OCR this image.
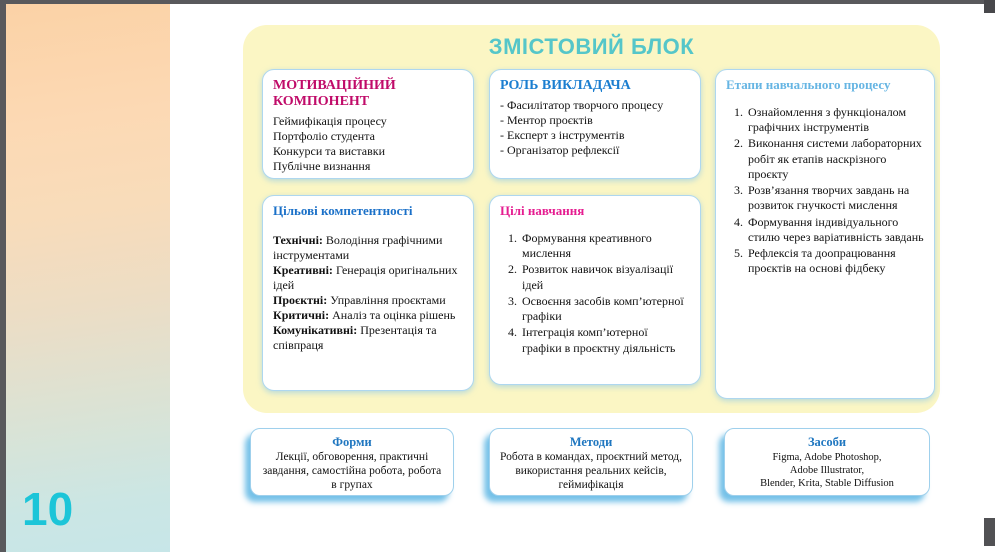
10
ЗМІСТОВИЙ БЛОК
МОТИВАЦІЙНИЙ КОМПОНЕНТ
Геймифікація процесу
Портфоліо студента
Конкурси та виставки
Публічне визнання
РОЛЬ ВИКЛАДАЧА
- Фасилітатор творчого процесу
- Ментор проєктів
- Експерт з інструментів
- Організатор рефлексії
Етапи навчального процесу
1. Ознайомлення з функціоналом графічних інструментів
2. Виконання системи лабораторних робіт як етапів наскрізного проєкту
3. Розв’язання творчих завдань на розвиток гнучкості мислення
4. Формування індивідуального стилю через варіативність завдань
5. Рефлексія та доопрацювання проєктів на основі фідбеку
Цільові компетентності
Технічні: Володіння графічними інструментами
Креативні: Генерація оригінальних ідей
Проєктні: Управління проєктами
Критичні: Аналіз та оцінка рішень
Комунікативні: Презентація та співпраця
Цілі навчання
1. Формування креативного мислення
2. Розвиток навичок візуалізації ідей
3. Освоєння засобів комп’ютерної графіки
4. Інтеграція комп’ютерної графіки в проєктну діяльність
Форми
Лекції, обговорення, практичні завдання, самостійна робота, робота в групах
Методи
Робота в командах, проєктний метод, використання реальних кейсів, геймифікація
Засоби
Figma, Adobe Photoshop,
Adobe Illustrator,
Blender, Krita, Stable Diffusion
